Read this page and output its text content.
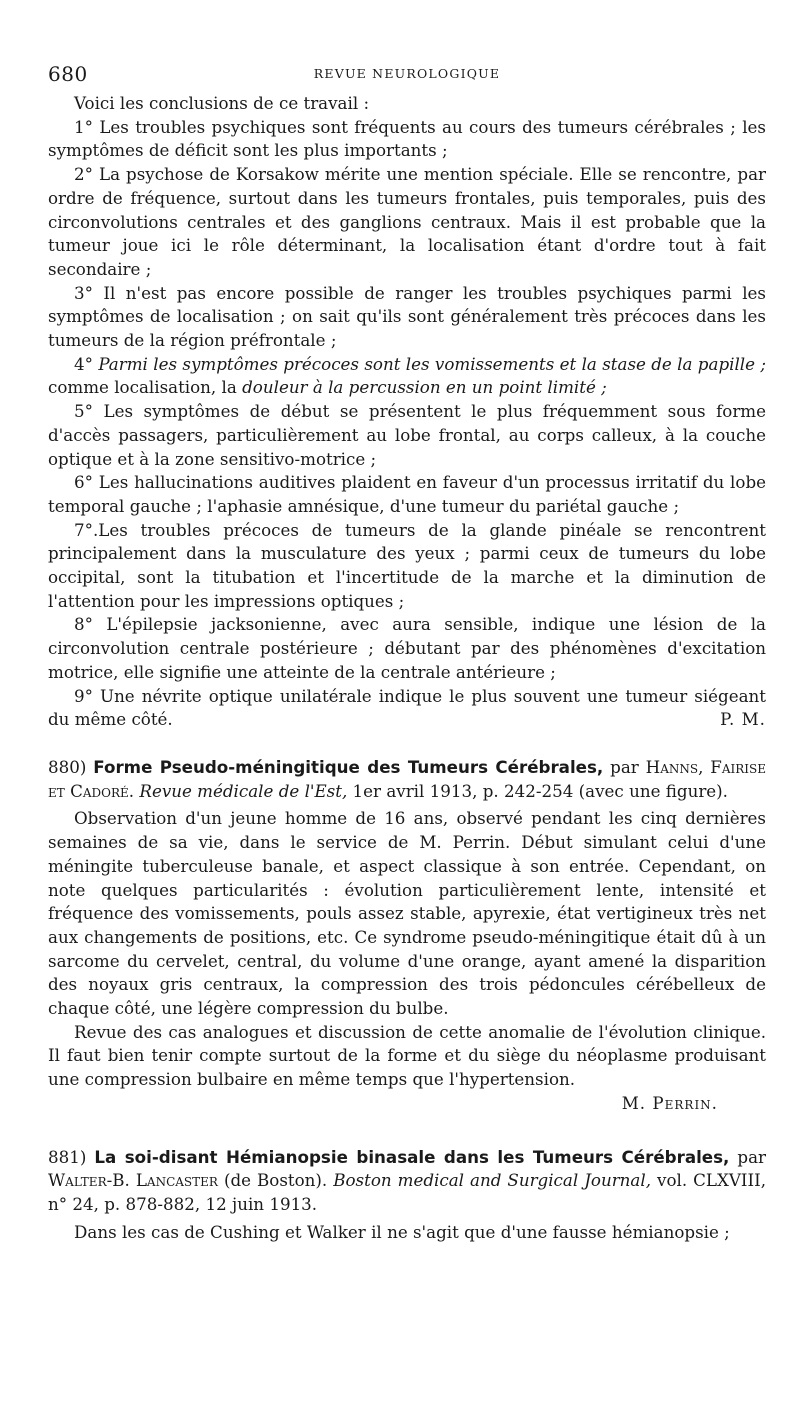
680	REVUE NEUROLOGIQUE

Voici les conclusions de ce travail :

1° Les troubles psychiques sont fréquents au cours des tumeurs cérébrales ; les symptômes de déficit sont les plus importants ;

2° La psychose de Korsakow mérite une mention spéciale. Elle se rencontre, par ordre de fréquence, surtout dans les tumeurs frontales, puis temporales, puis des circonvolutions centrales et des ganglions centraux. Mais il est probable que la tumeur joue ici le rôle déterminant, la localisation étant d'ordre tout à fait secondaire ;

3° Il n'est pas encore possible de ranger les troubles psychiques parmi les symptômes de localisation ; on sait qu'ils sont généralement très précoces dans les tumeurs de la région préfrontale ;

4° Parmi les symptômes précoces sont les vomissements et la stase de la papille ; comme localisation, la douleur à la percussion en un point limité ;

5° Les symptômes de début se présentent le plus fréquemment sous forme d'accès passagers, particulièrement au lobe frontal, au corps calleux, à la couche optique et à la zone sensitivo-motrice ;

6° Les hallucinations auditives plaident en faveur d'un processus irritatif du lobe temporal gauche ; l'aphasie amnésique, d'une tumeur du pariétal gauche ;

7°.Les troubles précoces de tumeurs de la glande pinéale se rencontrent principalement dans la musculature des yeux ; parmi ceux de tumeurs du lobe occipital, sont la titubation et l'incertitude de la marche et la diminution de l'attention pour les impressions optiques ;

8° L'épilepsie jacksonienne, avec aura sensible, indique une lésion de la circonvolution centrale postérieure ; débutant par des phénomènes d'excitation motrice, elle signifie une atteinte de la centrale antérieure ;

9° Une névrite optique unilatérale indique le plus souvent une tumeur siégeant du même côté.	P. M.

880) Forme Pseudo-méningitique des Tumeurs Cérébrales, par Hanns, Fairise et Cadoré. Revue médicale de l'Est, 1er avril 1913, p. 242-254 (avec une figure).

Observation d'un jeune homme de 16 ans, observé pendant les cinq dernières semaines de sa vie, dans le service de M. Perrin. Début simulant celui d'une méningite tuberculeuse banale, et aspect classique à son entrée. Cependant, on note quelques particularités : évolution particulièrement lente, intensité et fréquence des vomissements, pouls assez stable, apyrexie, état vertigineux très net aux changements de positions, etc. Ce syndrome pseudo-méningitique était dû à un sarcome du cervelet, central, du volume d'une orange, ayant amené la disparition des noyaux gris centraux, la compression des trois pédoncules cérébelleux de chaque côté, une légère compression du bulbe.

Revue des cas analogues et discussion de cette anomalie de l'évolution clinique. Il faut bien tenir compte surtout de la forme et du siège du néoplasme produisant une compression bulbaire en même temps que l'hypertension.

M. Perrin.

881) La soi-disant Hémianopsie binasale dans les Tumeurs Cérébrales, par Walter-B. Lancaster (de Boston). Boston medical and Surgical Journal, vol. CLXVIII, n° 24, p. 878-882, 12 juin 1913.

Dans les cas de Cushing et Walker il ne s'agit que d'une fausse hémianopsie ;
